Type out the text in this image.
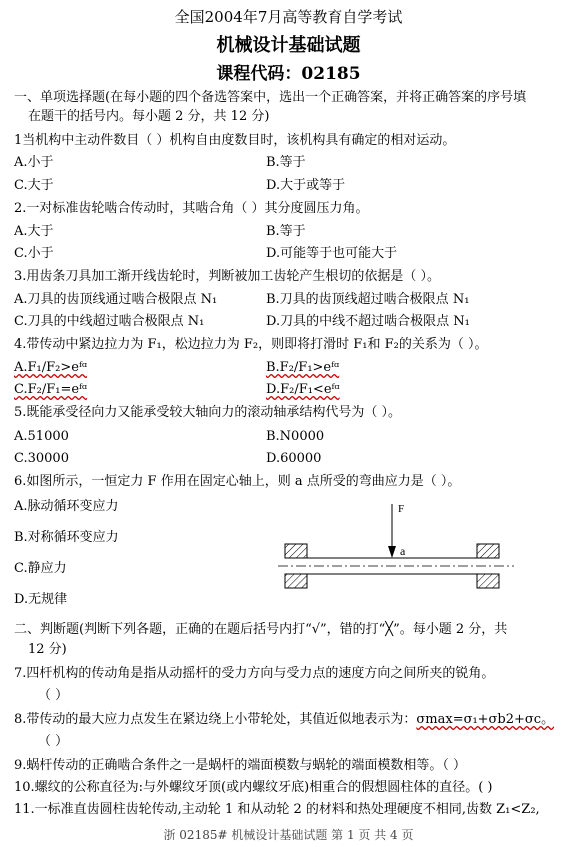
全国2004年7月高等教育自学考试
机械设计基础试题
课程代码：02185
一、单项选择题(在每小题的四个备选答案中，选出一个正确答案，并将正确答案的序号填
在题干的括号内。每小题 2 分，共 12 分)
1当机构中主动件数目（ ）机构自由度数目时，该机构具有确定的相对运动。
A.小于	B.等于
C.大于	D.大于或等于
2.一对标准齿轮啮合传动时，其啮合角（ ）其分度圆压力角。
A.大于	B.等于
C.小于	D.可能等于也可能大于
3.用齿条刀具加工渐开线齿轮时，判断被加工齿轮产生根切的依据是（ ）。
A.刀具的齿顶线通过啮合极限点 N₁	B.刀具的齿顶线超过啮合极限点 N₁
C.刀具的中线超过啮合极限点 N₁	D.刀具的中线不超过啮合极限点 N₁
4.带传动中紧边拉力为 F₁，松边拉力为 F₂，则即将打滑时 F₁和 F₂的关系为（ ）。
A.F₁/F₂>eᶠᵅ	B.F₂/F₁>eᶠᵅ
C.F₂/F₁=eᶠᵅ	D.F₂/F₁<eᶠᵅ
5.既能承受径向力又能承受较大轴向力的滚动轴承结构代号为（ ）。
A.51000	B.N0000
C.30000	D.60000
6.如图所示，一恒定力 F 作用在固定心轴上，则 a 点所受的弯曲应力是（ ）。
A.脉动循环变应力
B.对称循环变应力
C.静应力
D.无规律
F
a
二、判断题(判断下列各题，正确的在题后括号内打“√”，错的打“╳”。每小题 2 分，共
12 分)
7.四杆机构的传动角是指从动摇杆的受力方向与受力点的速度方向之间所夹的锐角。
（ ）
8.带传动的最大应力点发生在紧边绕上小带轮处，其值近似地表示为：σmax=σ₁+σb2+σc。
（ ）
9.蜗杆传动的正确啮合条件之一是蜗杆的端面模数与蜗轮的端面模数相等。（ ）
10.螺纹的公称直径为:与外螺纹牙顶(或内螺纹牙底)相重合的假想圆柱体的直径。( )
11.一标准直齿圆柱齿轮传动,主动轮 1 和从动轮 2 的材料和热处理硬度不相同,齿数 Z₁<Z₂,
浙 02185# 机械设计基础试题 第 1 页 共 4 页
